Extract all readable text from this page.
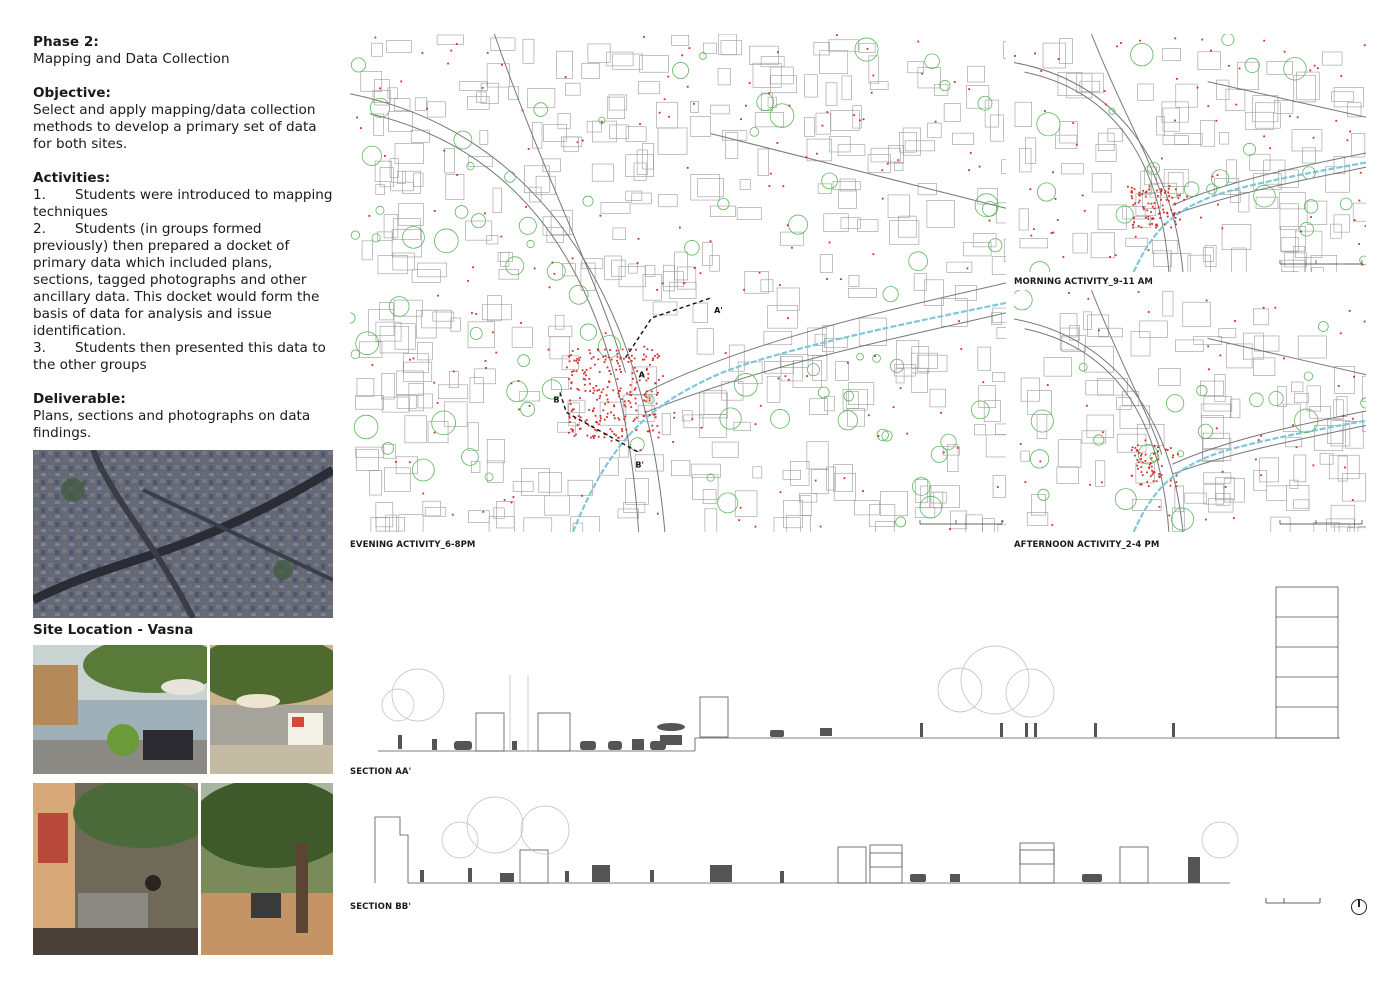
Phase 2:

Mapping and Data Collection

Objective:

Select and apply mapping/data collection methods to develop a primary set of data for both sites.

Activities:

1. Students were introduced to mapping techniques

2. Students (in groups formed previously) then prepared a docket of primary data which included plans, sections, tagged photographs and other ancillary data. This docket would form the basis of data for analysis and issue identification.

3. Students then presented this data to the other groups

Deliverable:

Plans, sections and photographs on data findings.

Site Location - Vasna
A
A'
B
B'
EVENING ACTIVITY_6-8PM
MORNING ACTIVITY_9-11 AM
AFTERNOON ACTIVITY_2-4 PM
SECTION AA'
SECTION BB'
